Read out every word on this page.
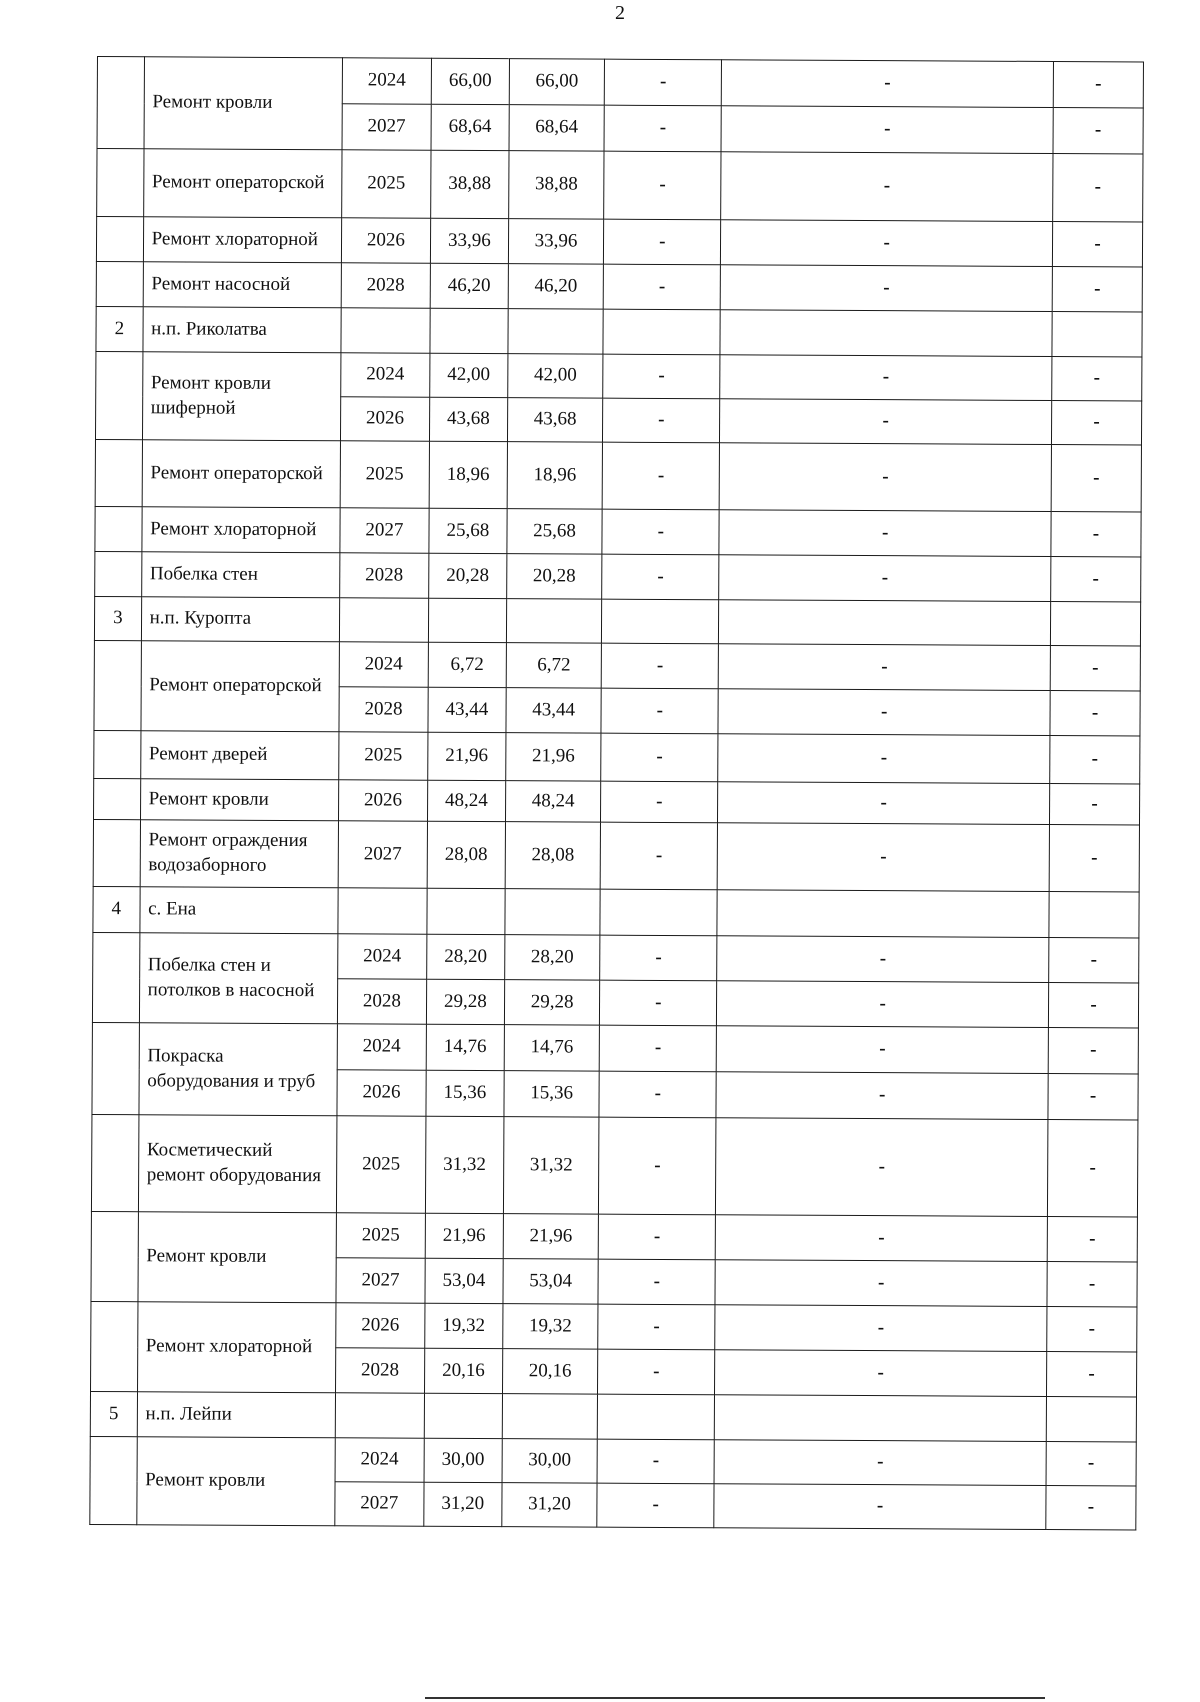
2
	Ремонт кровли	2024	66,00	66,00	-	-	-
		2027	68,64	68,64	-	-	-
	Ремонт операторской	2025	38,88	38,88	-	-	-
	Ремонт хлораторной	2026	33,96	33,96	-	-	-
	Ремонт насосной	2028	46,20	46,20	-	-	-
2	н.п. Риколатва						
	Ремонт кровли шиферной	2024	42,00	42,00	-	-	-
		2026	43,68	43,68	-	-	-
	Ремонт операторской	2025	18,96	18,96	-	-	-
	Ремонт хлораторной	2027	25,68	25,68	-	-	-
	Побелка стен	2028	20,28	20,28	-	-	-
3	н.п. Куропта						
	Ремонт операторской	2024	6,72	6,72	-	-	-
		2028	43,44	43,44	-	-	-
	Ремонт дверей	2025	21,96	21,96	-	-	-
	Ремонт кровли	2026	48,24	48,24	-	-	-
	Ремонт ограждения водозаборного	2027	28,08	28,08	-	-	-
4	с. Ена						
	Побелка стен и потолков в насосной	2024	28,20	28,20	-	-	-
		2028	29,28	29,28	-	-	-
	Покраска оборудования и труб	2024	14,76	14,76	-	-	-
		2026	15,36	15,36	-	-	-
	Косметический ремонт оборудования	2025	31,32	31,32	-	-	-
	Ремонт кровли	2025	21,96	21,96	-	-	-
		2027	53,04	53,04	-	-	-
	Ремонт хлораторной	2026	19,32	19,32	-	-	-
		2028	20,16	20,16	-	-	-
5	н.п. Лейпи						
	Ремонт кровли	2024	30,00	30,00	-	-	-
		2027	31,20	31,20	-	-	-
